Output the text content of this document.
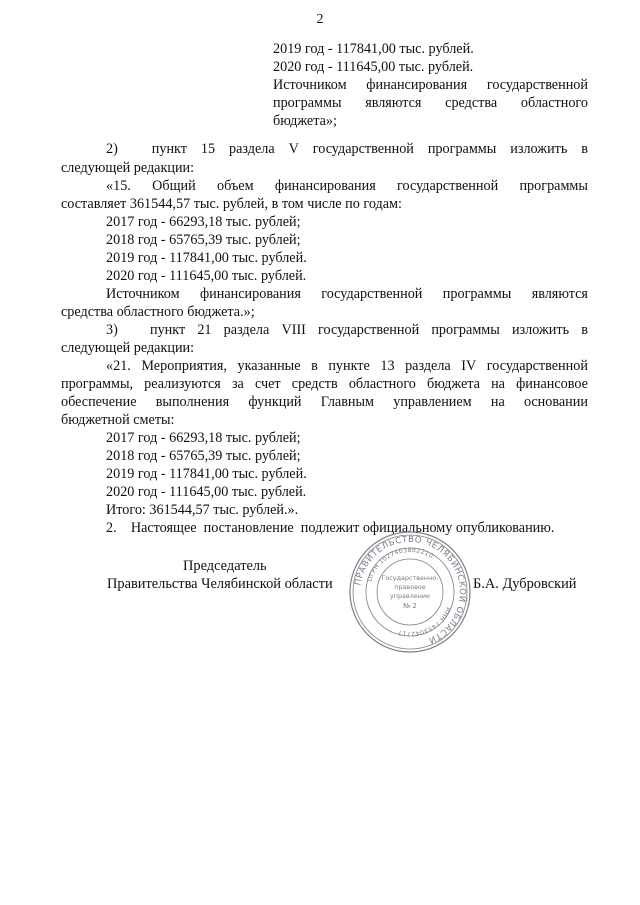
2
2019 год - 117841,00 тыс. рублей.
2020 год - 111645,00 тыс. рублей.
Источником финансирования государственной
программы являются средства областного
бюджета»;
2) пункт 15 раздела V государственной программы изложить в
следующей редакции:
«15. Общий объем финансирования государственной программы
составляет 361544,57 тыс. рублей, в том числе по годам:
2017 год - 66293,18 тыс. рублей;
2018 год - 65765,39 тыс. рублей;
2019 год - 117841,00 тыс. рублей.
2020 год - 111645,00 тыс. рублей.
Источником финансирования государственной программы являются
средства областного бюджета.»;
3) пункт 21 раздела VIII государственной программы изложить в
следующей редакции:
«21. Мероприятия, указанные в пункте 13 раздела IV государственной
программы, реализуются за счет средств областного бюджета на финансовое
обеспечение выполнения функций Главным управлением на основании
бюджетной сметы:
2017 год - 66293,18 тыс. рублей;
2018 год - 65765,39 тыс. рублей;
2019 год - 117841,00 тыс. рублей.
2020 год - 111645,00 тыс. рублей.
Итого: 361544,57 тыс. рублей.».
2.    Настоящее  постановление  подлежит официальному опубликованию.
Председатель
Правительства Челябинской области	Б.А. Дубровский
ПРАВИТЕЛЬСТВО ЧЕЛЯБИНСКОЙ ОБЛАСТИ
ОГРН 1027403882210
ИНН 7453042717
Государственно-
правовое
управление
№ 2
